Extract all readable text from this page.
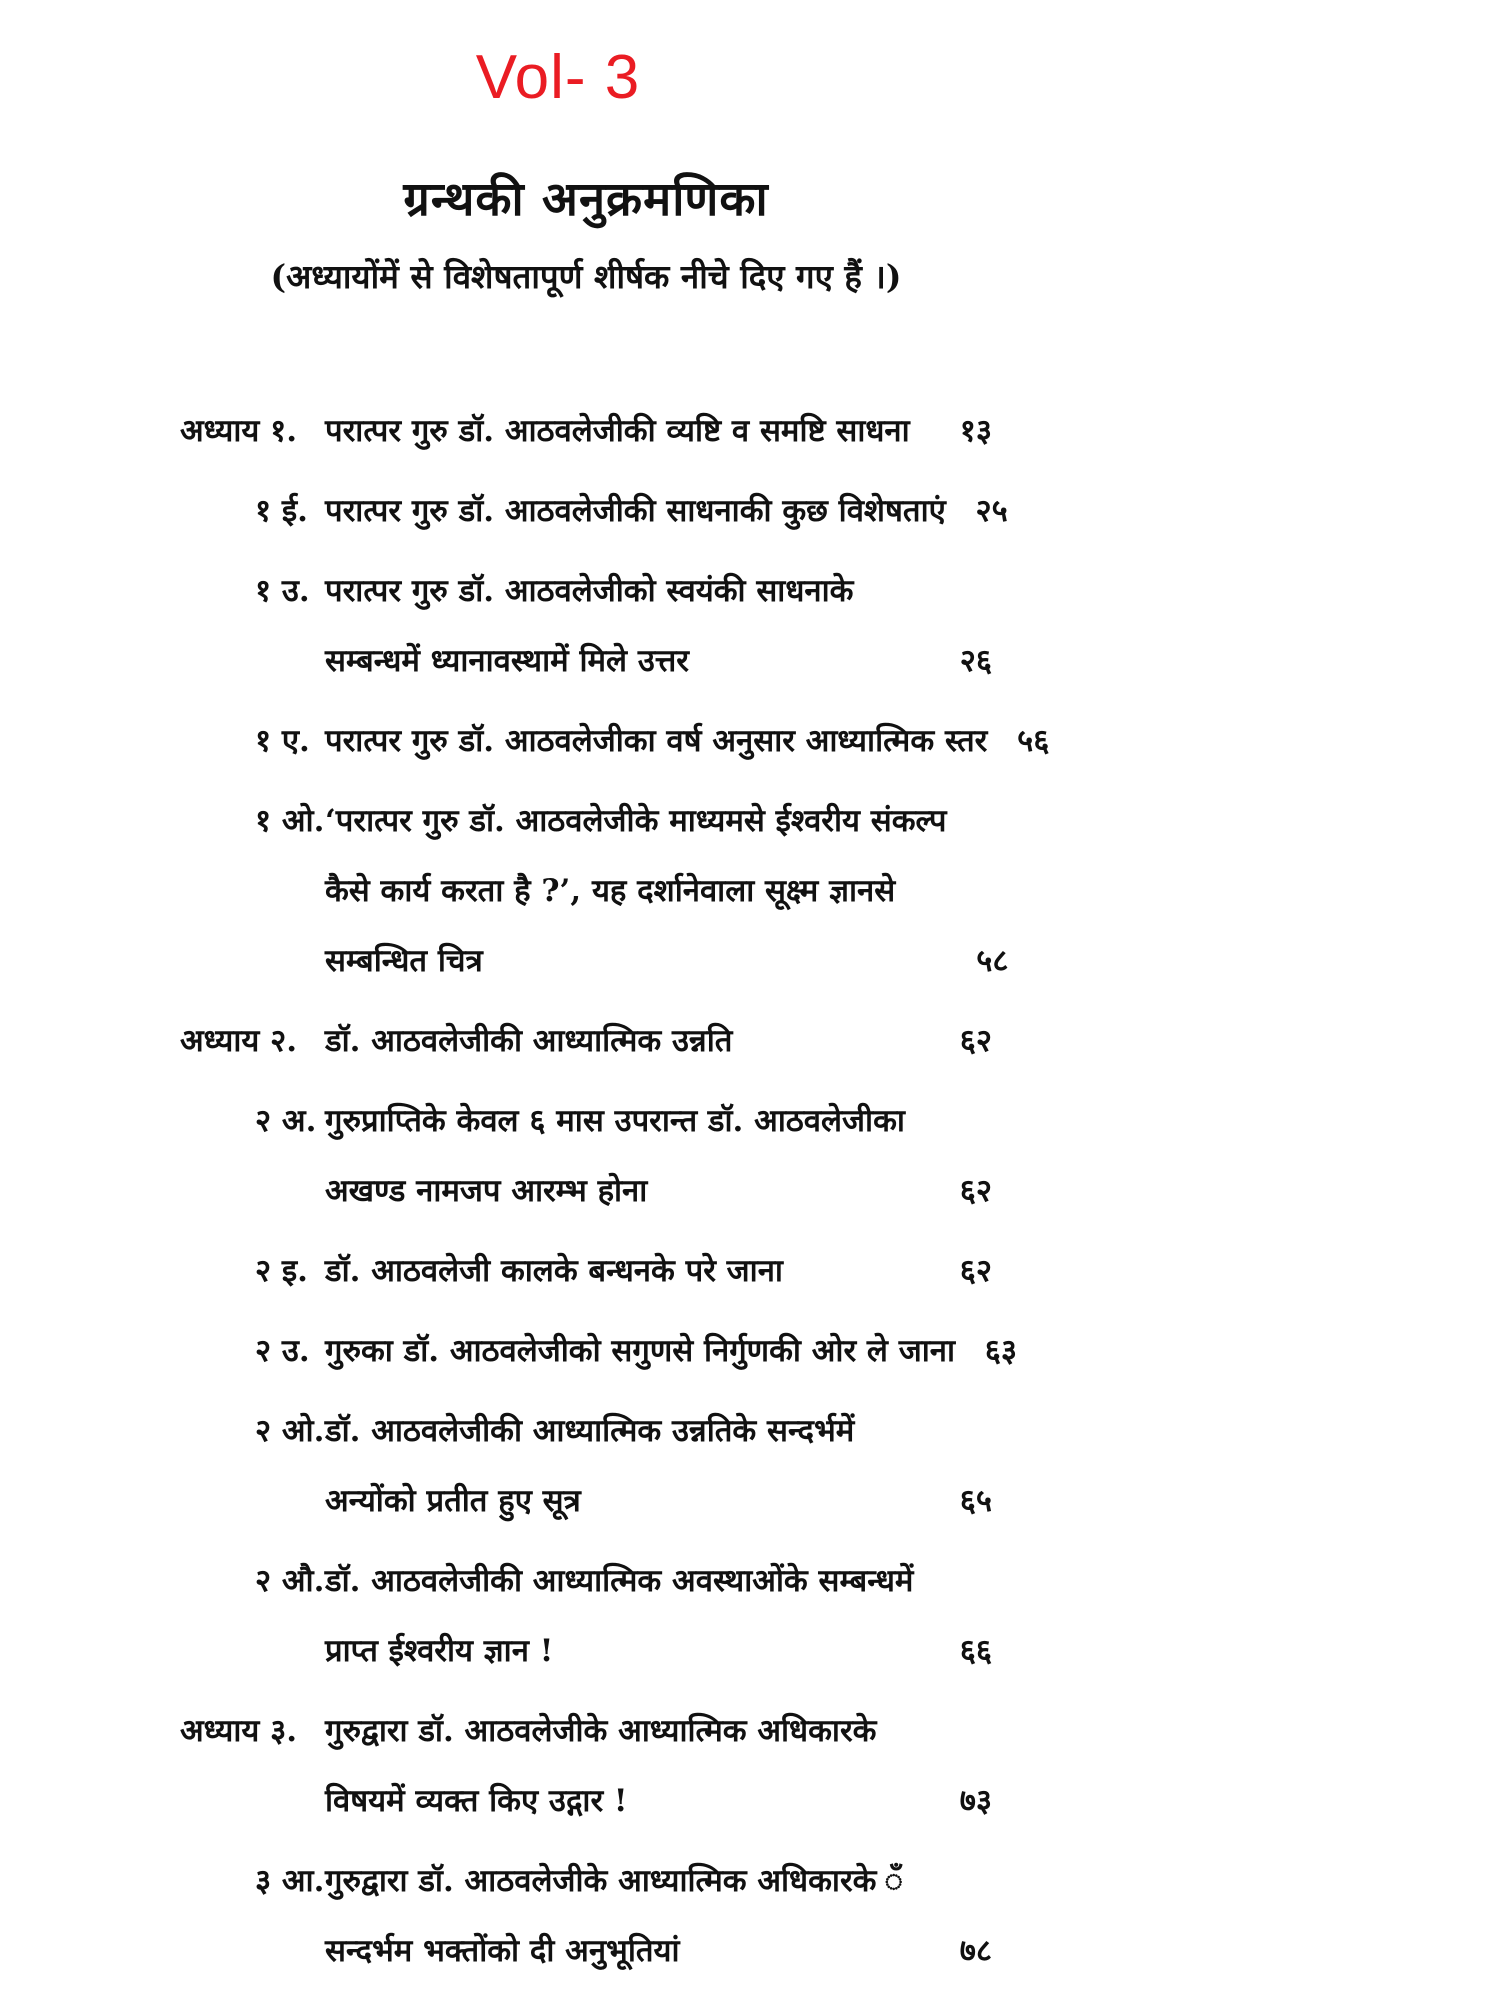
Vol- 3
ग्रन्थकी अनुक्रमणिका
(अध्यायोंमें से विशेषतापूर्ण शीर्षक नीचे दिए गए हैं ।)
अध्याय १. परात्पर गुरु डॉ. आठवलेजीकी व्यष्टि व समष्टि साधना	१३
१ ई. परात्पर गुरु डॉ. आठवलेजीकी साधनाकी कुछ विशेषताएं २५
१ उ. परात्पर गुरु डॉ. आठवलेजीको स्वयंकी साधनाके
सम्बन्धमें ध्यानावस्थामें मिले उत्तर	२६
१ ए. परात्पर गुरु डॉ. आठवलेजीका वर्ष अनुसार आध्यात्मिक स्तर ५६
१ ओ. ‘परात्पर गुरु डॉ. आठवलेजीके माध्यमसे ईश्वरीय संकल्प
कैसे कार्य करता है ?’, यह दर्शानेवाला सूक्ष्म ज्ञानसे
सम्बन्धित चित्र	५८
अध्याय २. डॉ. आठवलेजीकी आध्यात्मिक उन्नति	६२
२ अ. गुरुप्राप्तिके केवल ६ मास उपरान्त डॉ. आठवलेजीका
अखण्ड नामजप आरम्भ होना	६२
२ इ. डॉ. आठवलेजी कालके बन्धनके परे जाना	६२
२ उ. गुरुका डॉ. आठवलेजीको सगुणसे निर्गुणकी ओर ले जाना ६३
२ ओ. डॉ. आठवलेजीकी आध्यात्मिक उन्नतिके सन्दर्भमें
अन्योंको प्रतीत हुए सूत्र	६५
२ औ. डॉ. आठवलेजीकी आध्यात्मिक अवस्थाओंके सम्बन्धमें
प्राप्त ईश्वरीय ज्ञान !	६६
अध्याय ३. गुरुद्वारा डॉ. आठवलेजीके आध्यात्मिक अधिकारके
विषयमें व्यक्त किए उद्गार !	७३
३ आ. गुरुद्वारा डॉ. आठवलेजीके आध्यात्मिक अधिकारके ँ
सन्दर्भम भक्तोंको दी अनुभूतियां	७८
